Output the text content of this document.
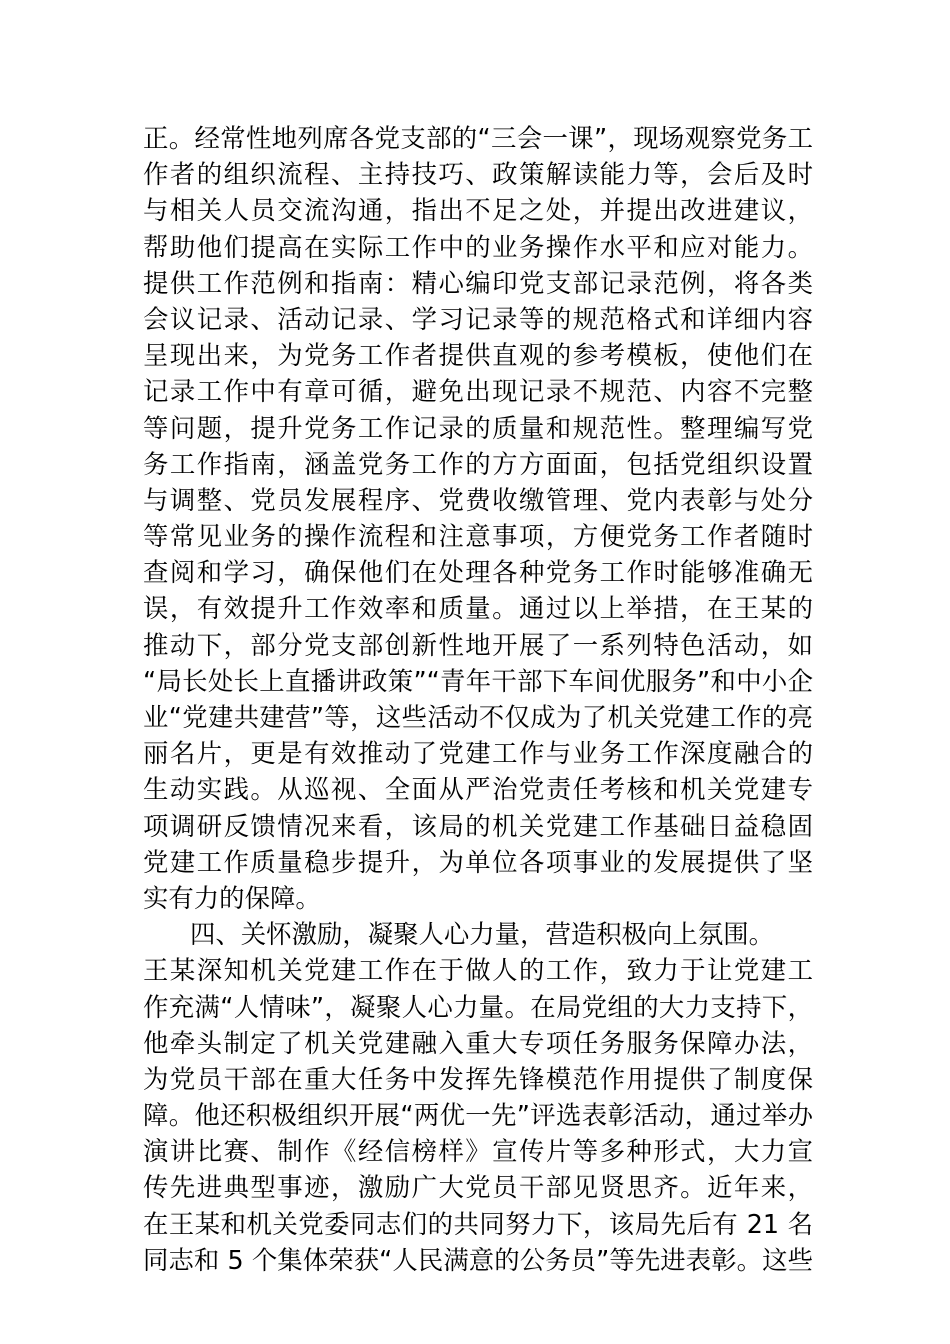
正。经常性地列席各党支部的“三会一课”，现场观察党务工
作者的组织流程、主持技巧、政策解读能力等，会后及时
与相关人员交流沟通，指出不足之处，并提出改进建议，
帮助他们提高在实际工作中的业务操作水平和应对能力。
提供工作范例和指南：精心编印党支部记录范例，将各类
会议记录、活动记录、学习记录等的规范格式和详细内容
呈现出来，为党务工作者提供直观的参考模板，使他们在
记录工作中有章可循，避免出现记录不规范、内容不完整
等问题，提升党务工作记录的质量和规范性。整理编写党
务工作指南，涵盖党务工作的方方面面，包括党组织设置
与调整、党员发展程序、党费收缴管理、党内表彰与处分
等常见业务的操作流程和注意事项，方便党务工作者随时
查阅和学习，确保他们在处理各种党务工作时能够准确无
误，有效提升工作效率和质量。通过以上举措，在王某的
推动下，部分党支部创新性地开展了一系列特色活动，如
“局长处长上直播讲政策”“青年干部下车间优服务”和中小企
业“党建共建营”等，这些活动不仅成为了机关党建工作的亮
丽名片，更是有效推动了党建工作与业务工作深度融合的
生动实践。从巡视、全面从严治党责任考核和机关党建专
项调研反馈情况来看，该局的机关党建工作基础日益稳固
党建工作质量稳步提升，为单位各项事业的发展提供了坚
实有力的保障。
四、关怀激励，凝聚人心力量，营造积极向上氛围。
王某深知机关党建工作在于做人的工作，致力于让党建工
作充满“人情味”，凝聚人心力量。在局党组的大力支持下，
他牵头制定了机关党建融入重大专项任务服务保障办法，
为党员干部在重大任务中发挥先锋模范作用提供了制度保
障。他还积极组织开展“两优一先”评选表彰活动，通过举办
演讲比赛、制作《经信榜样》宣传片等多种形式，大力宣
传先进典型事迹，激励广大党员干部见贤思齐。近年来，
在王某和机关党委同志们的共同努力下，该局先后有 21 名
同志和 5 个集体荣获“人民满意的公务员”等先进表彰。这些
